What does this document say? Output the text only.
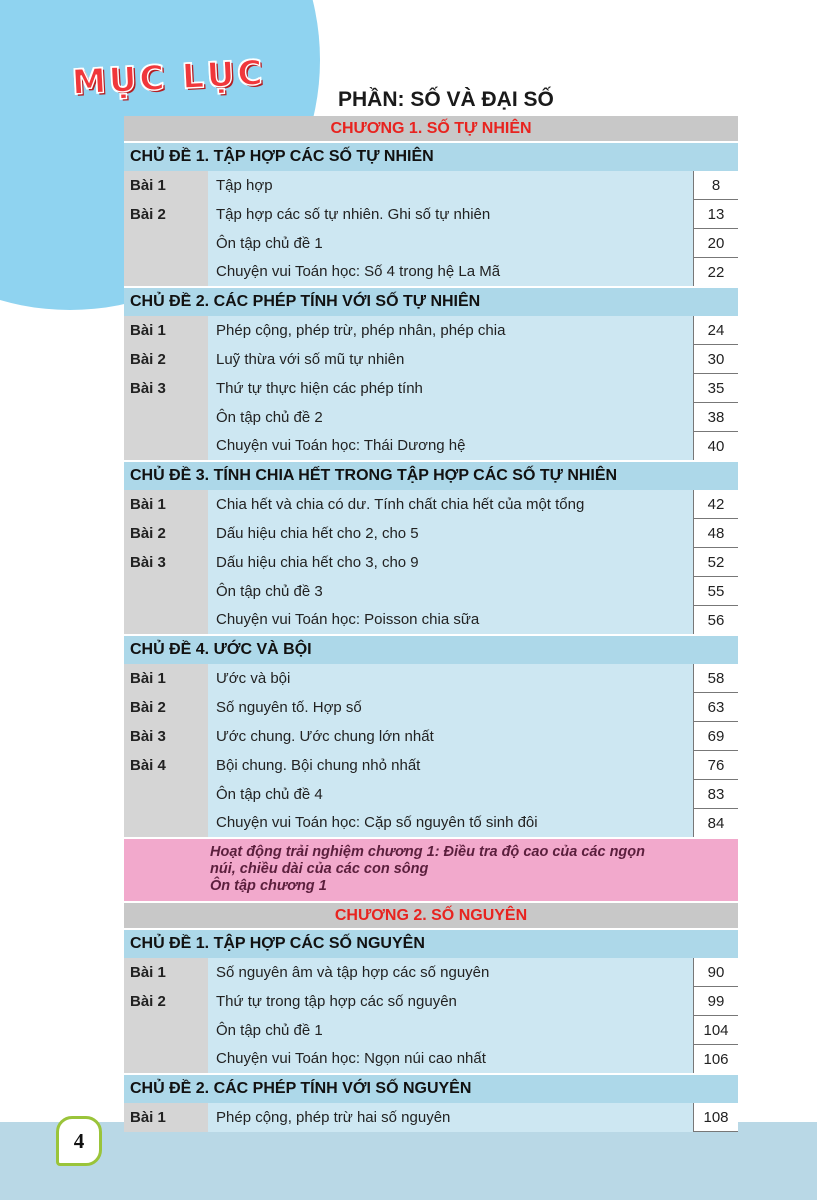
MỤC LỤC	PHẦN: SỐ VÀ ĐẠI SỐ
CHƯƠNG 1. SỐ TỰ NHIÊN		
CHỦ ĐỀ 1. TẬP HỢP CÁC SỐ TỰ NHIÊN		
Bài 1	Tập hợp	8
Bài 2	Tập hợp các số tự nhiên. Ghi số tự nhiên	13
	Ôn tập chủ đề 1	20
	Chuyện vui Toán học: Số 4 trong hệ La Mã	22
CHỦ ĐỀ 2. CÁC PHÉP TÍNH VỚI SỐ TỰ NHIÊN		
Bài 1	Phép cộng, phép trừ, phép nhân, phép chia	24
Bài 2	Luỹ thừa với số mũ tự nhiên	30
Bài 3	Thứ tự thực hiện các phép tính	35
	Ôn tập chủ đề 2	38
	Chuyện vui Toán học: Thái Dương hệ	40
CHỦ ĐỀ 3. TÍNH CHIA HẾT TRONG TẬP HỢP CÁC SỐ TỰ NHIÊN		
Bài 1	Chia hết và chia có dư. Tính chất chia hết của một tổng	42
Bài 2	Dấu hiệu chia hết cho 2, cho 5	48
Bài 3	Dấu hiệu chia hết cho 3, cho 9	52
	Ôn tập chủ đề 3	55
	Chuyện vui Toán học: Poisson chia sữa	56
CHỦ ĐỀ 4. ƯỚC VÀ BỘI		
Bài 1	Ước và bội	58
Bài 2	Số nguyên tố. Hợp số	63
Bài 3	Ước chung. Ước chung lớn nhất	69
Bài 4	Bội chung. Bội chung nhỏ nhất	76
	Ôn tập chủ đề 4	83
	Chuyện vui Toán học: Cặp số nguyên tố sinh đôi	84

Hoạt động trải nghiệm chương 1: Điều tra độ cao của các ngọn
núi, chiều dài của các con sông
Ôn tập chương 1		

CHƯƠNG 2. SỐ NGUYÊN		
CHỦ ĐỀ 1. TẬP HỢP CÁC SỐ NGUYÊN		
Bài 1	Số nguyên âm và tập hợp các số nguyên	90
Bài 2	Thứ tự trong tập hợp các số nguyên	99
	Ôn tập chủ đề 1	104
	Chuyện vui Toán học: Ngọn núi cao nhất	106
CHỦ ĐỀ 2. CÁC PHÉP TÍNH VỚI SỐ NGUYÊN		
Bài 1	Phép cộng, phép trừ hai số nguyên	108
4
